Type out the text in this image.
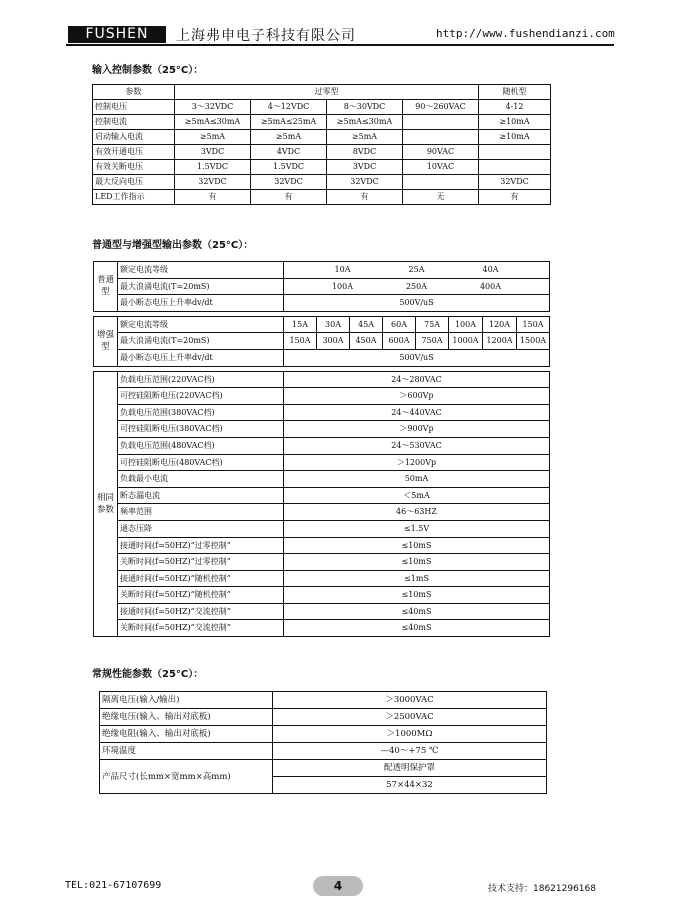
FUSHEN	上海弗申电子科技有限公司	http://www.fushendianzi.com
输入控制参数（25°C）：
参数	过零型				随机型
控制电压	3～32VDC	4～12VDC	8～30VDC	90～260VAC	4-12
控制电流	≥5mA≤30mA	≥5mA≤25mA	≥5mA≤30mA		≥10mA
启动输入电流	≥5mA	≥5mA	≥5mA		≥10mA
有效开通电压	3VDC	4VDC	8VDC	90VAC	
有效关断电压	1.5VDC	1.5VDC	3VDC	10VAC	
最大反向电压	32VDC	32VDC	32VDC		32VDC
LED工作指示	有	有	有	无	有
普通型与增强型输出参数（25°C）：
普通型	额定电流等级	10A 25A 40A							
	最大浪涌电流(T=20mS)	100A 250A 400A							
	最小断态电压上升率dv/dt	500V/uS							

增强型	额定电流等级	15A	30A	45A	60A	75A	100A	120A	150A
	最大浪涌电流(T=20mS)	150A	300A	450A	600A	750A	1000A	1200A	1500A
	最小断态电压上升率dv/dt	500V/uS							

相同参数	负载电压范围(220VAC档)	24～280VAC							
	可控硅阻断电压(220VAC档)	＞600Vp							
	负载电压范围(380VAC档)	24～440VAC							
	可控硅阻断电压(380VAC档)	＞900Vp							
	负载电压范围(480VAC档)	24～530VAC							
	可控硅阻断电压(480VAC档)	＞1200Vp							
	负载最小电流	50mA							
	断态漏电流	＜5mA							
	频率范围	46～63HZ							
	通态压降	≤1.5V							
	接通时间(f=50HZ)“过零控制”	≤10mS							
	关断时间(f=50HZ)“过零控制”	≤10mS							
	接通时间(f=50HZ)“随机控制”	≤1mS							
	关断时间(f=50HZ)“随机控制”	≤10mS							
	接通时间(f=50HZ)“交流控制”	≤40mS							
	关断时间(f=50HZ)“交流控制”	≤40mS							
常规性能参数（25°C）：
隔离电压(输入/输出)	＞3000VAC
绝缘电压(输入、输出对底板)	＞2500VAC
绝缘电阻(输入、输出对底板)	＞1000MΩ
环境温度	—40～+75 ℃
产品尺寸(长mm×宽mm×高mm)	配透明保护罩
	57×44×32
TEL:021-67107699	4	技术支持：18621296168
